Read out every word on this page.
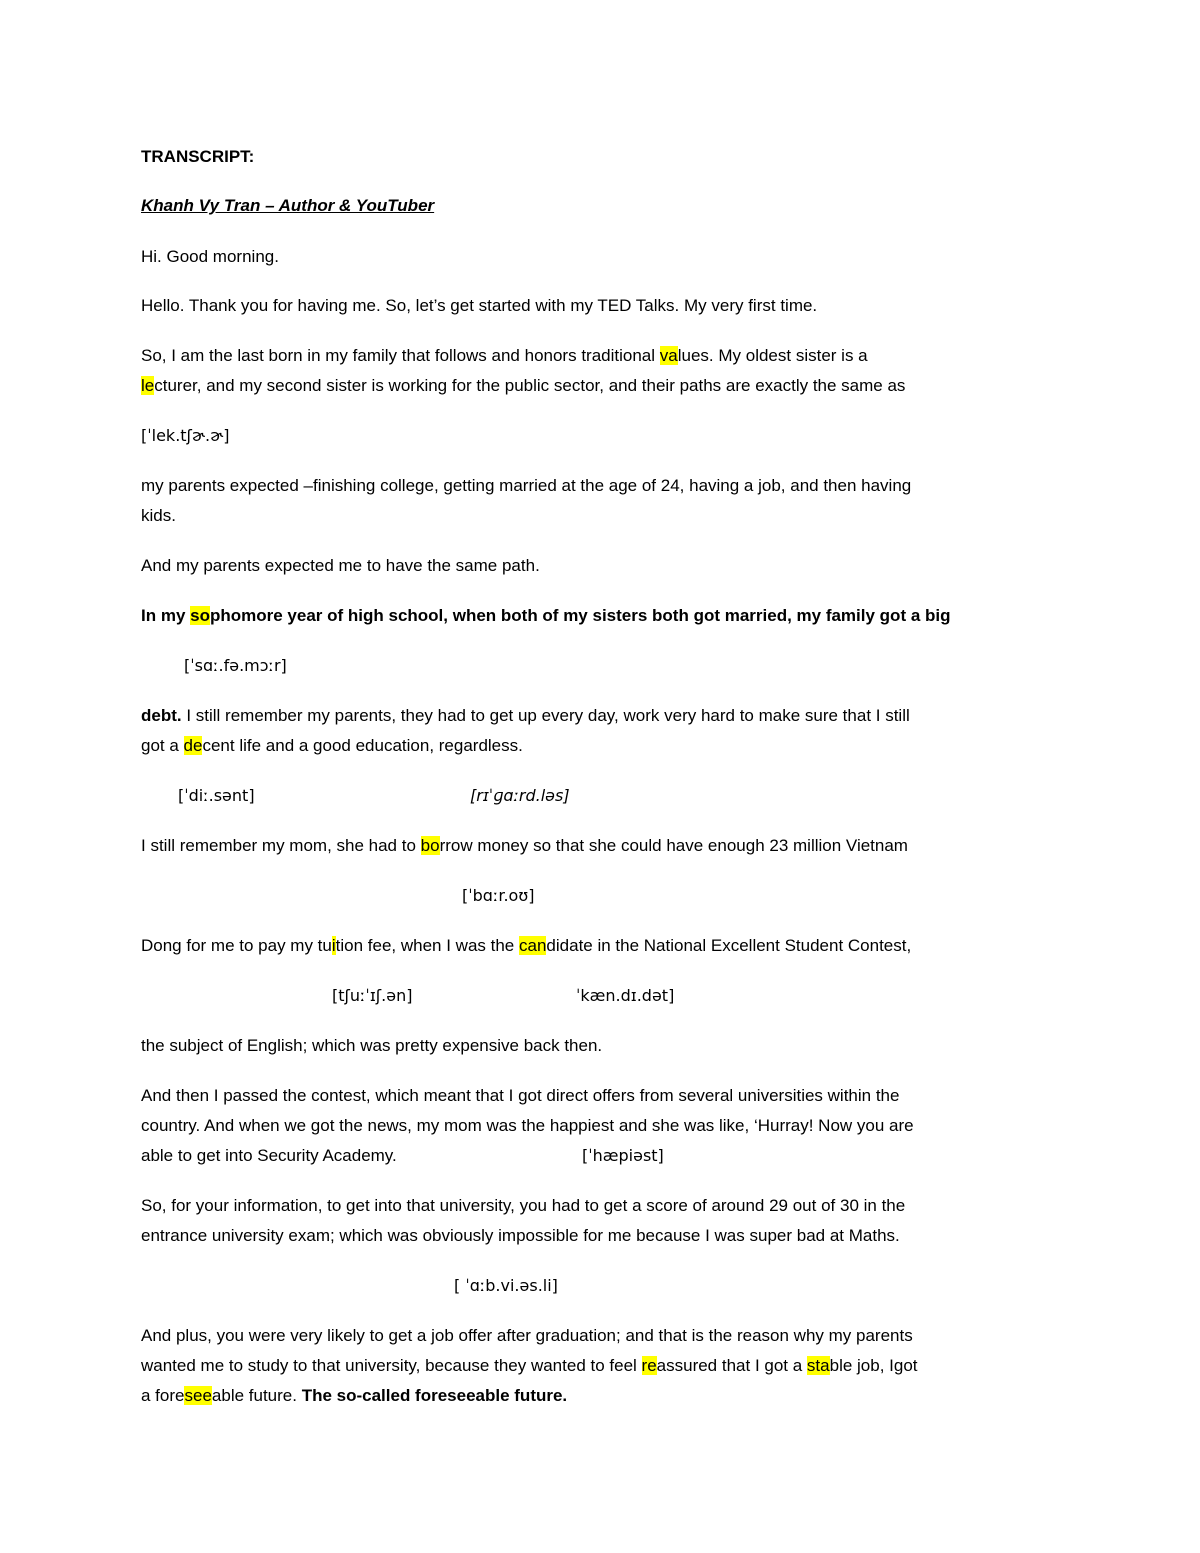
TRANSCRIPT:

Khanh Vy Tran – Author & YouTuber

Hi. Good morning.

Hello. Thank you for having me. So, let’s get started with my TED Talks. My very first time.

So, I am the last born in my family that follows and honors traditional values. My oldest sister is a

lecturer, and my second sister is working for the public sector, and their paths are exactly the same as

[ˈlek.tʃɚ.ɚ]

my parents expected –finishing college, getting married at the age of 24, having a job, and then having

kids.

And my parents expected me to have the same path.

In my sophomore year of high school, when both of my sisters both got married, my family got a big

[ˈsɑː.fə.mɔːr]

debt. I still remember my parents, they had to get up every day, work very hard to make sure that I still

got a decent life and a good education, regardless.

[ˈdiː.sənt]	[rɪˈɡɑːrd.ləs]

I still remember my mom, she had to borrow money so that she could have enough 23 million Vietnam

[ˈbɑːr.oʊ]

Dong for me to pay my tuition fee, when I was the candidate in the National Excellent Student Contest,

[tʃuːˈɪʃ.ən]	ˈkæn.dɪ.dət]

the subject of English; which was pretty expensive back then.

And then I passed the contest, which meant that I got direct offers from several universities within the

country. And when we got the news, my mom was the happiest and she was like, ‘Hurray! Now you are

able to get into Security Academy.	[ˈhæpiəst]

So, for your information, to get into that university, you had to get a score of around 29 out of 30 in the

entrance university exam; which was obviously impossible for me because I was super bad at Maths.

[ ˈɑːb.vi.əs.li]

And plus, you were very likely to get a job offer after graduation; and that is the reason why my parents

wanted me to study to that university, because they wanted to feel reassured that I got a stable job, Igot

a foreseeable future. The so-called foreseeable future.
